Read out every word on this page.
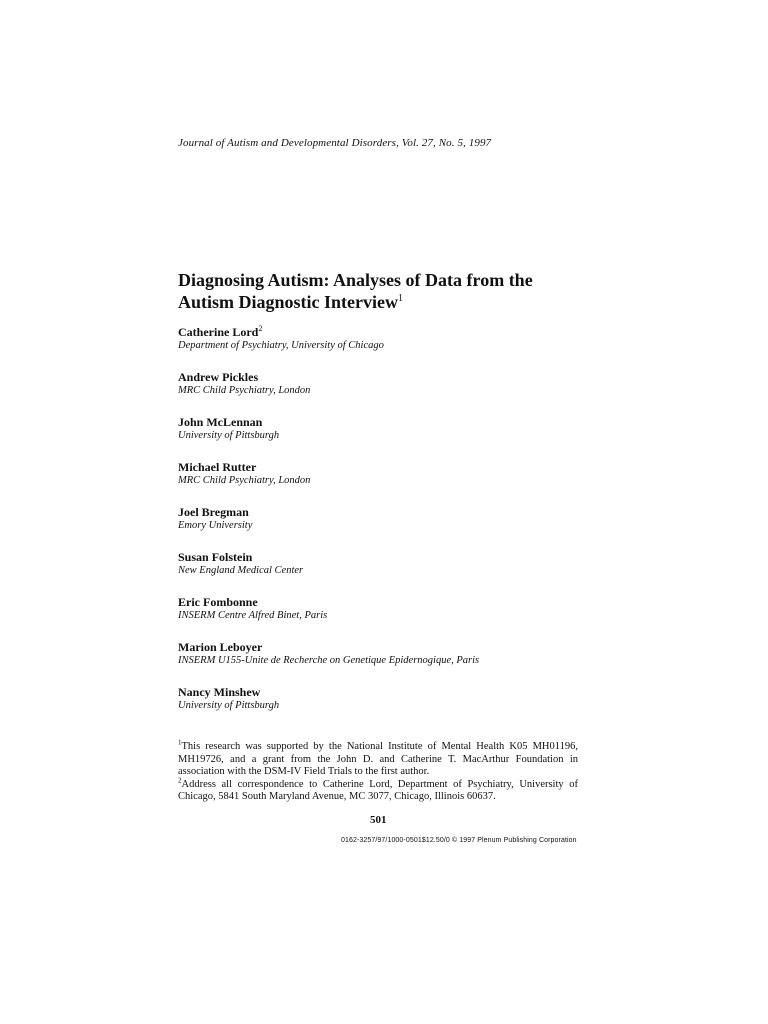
Journal of Autism and Developmental Disorders, Vol. 27, No. 5, 1997
Diagnosing Autism: Analyses of Data from the
Autism Diagnostic Interview$^1$
Catherine Lord$^2$
Department of Psychiatry, University of Chicago
Andrew Pickles
MRC Child Psychiatry, London
John McLennan
University of Pittsburgh
Michael Rutter
MRC Child Psychiatry, London
Joel Bregman
Emory University
Susan Folstein
New England Medical Center
Eric Fombonne
INSERM Centre Alfred Binet, Paris
Marion Leboyer
INSERM U155-Unite de Recherche on Genetique Epidernogique, Paris
Nancy Minshew
University of Pittsburgh

$^1$This research was supported by the National Institute of Mental Health K05 MH01196, MH19726, and a grant from the John D. and Catherine T. MacArthur Foundation in association with the DSM-IV Field Trials to the first author.

$^2$Address all correspondence to Catherine Lord, Department of Psychiatry, University of Chicago, 5841 South Maryland Avenue, MC 3077, Chicago, Illinois 60637.

501
0162-3257/97/1000-0501$12.50/0 © 1997 Plenum Publishing Corporation
